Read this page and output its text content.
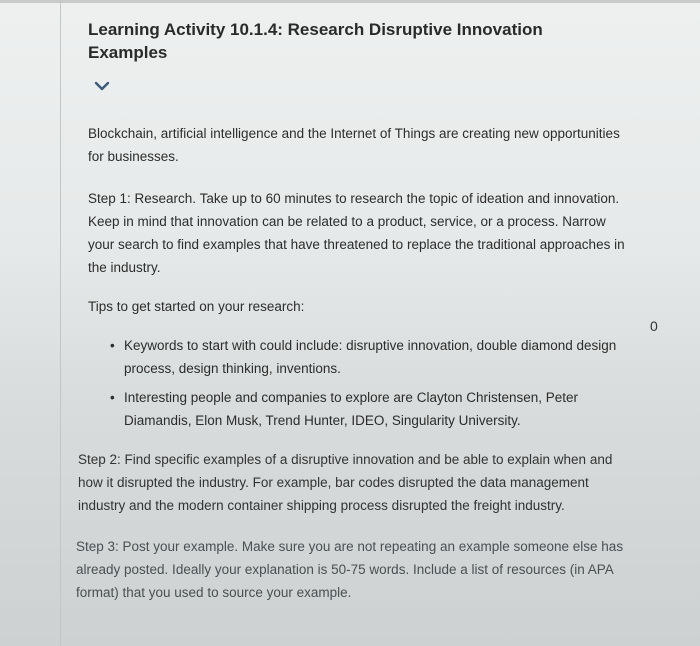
Learning Activity 10.1.4: Research Disruptive Innovation Examples

Blockchain, artificial intelligence and the Internet of Things are creating new opportunities for businesses.

Step 1: Research. Take up to 60 minutes to research the topic of ideation and innovation. Keep in mind that innovation can be related to a product, service, or a process. Narrow your search to find examples that have threatened to replace the traditional approaches in the industry.

Tips to get started on your research:

• Keywords to start with could include: disruptive innovation, double diamond design process, design thinking, inventions.
• Interesting people and companies to explore are Clayton Christensen, Peter Diamandis, Elon Musk, Trend Hunter, IDEO, Singularity University.

Step 2: Find specific examples of a disruptive innovation and be able to explain when and how it disrupted the industry. For example, bar codes disrupted the data management industry and the modern container shipping process disrupted the freight industry.

Step 3: Post your example. Make sure you are not repeating an example someone else has already posted. Ideally your explanation is 50-75 words. Include a list of resources (in APA format) that you used to source your example.

0
